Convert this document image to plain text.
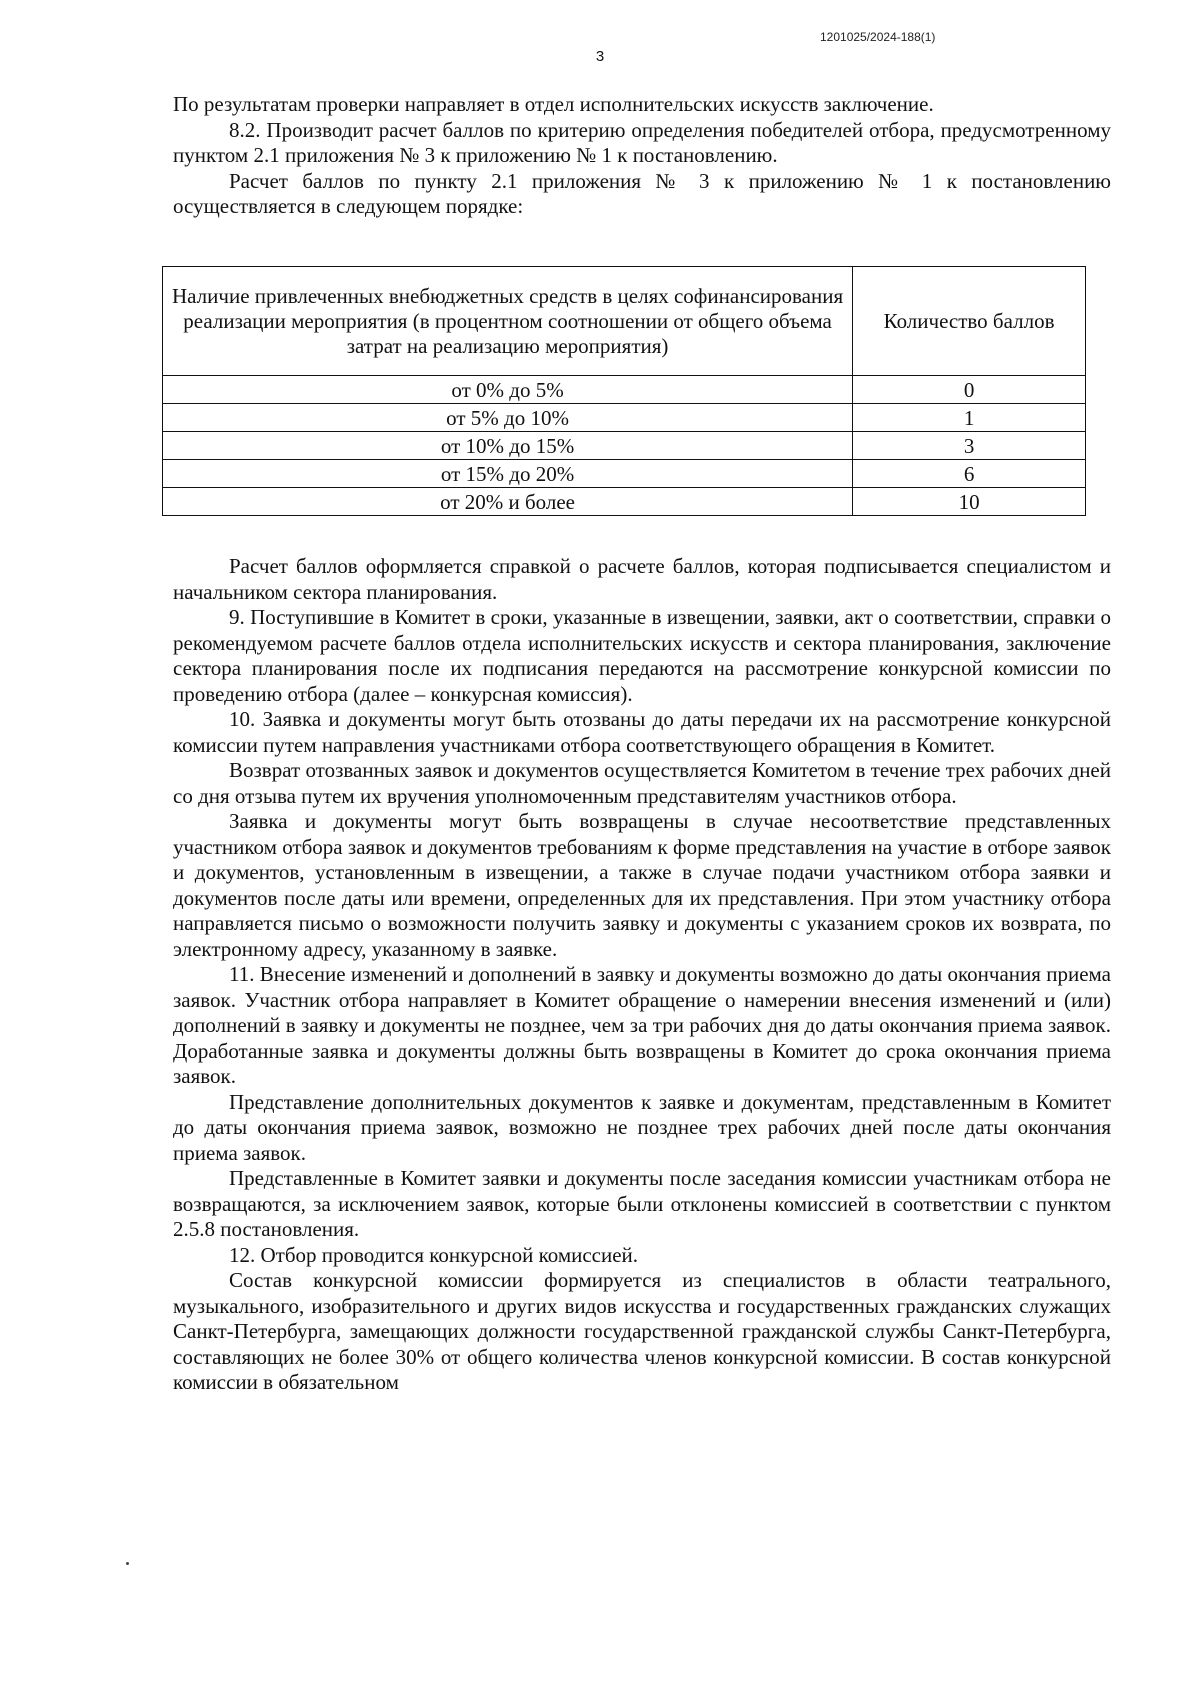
1201025/2024-188(1)
3

По результатам проверки направляет в отдел исполнительских искусств заключение.

8.2. Производит расчет баллов по критерию определения победителей отбора, предусмотренному пунктом 2.1 приложения № 3 к приложению № 1 к постановлению.

Расчет баллов по пункту 2.1 приложения № 3 к приложению № 1 к постановлению осуществляется в следующем порядке:

Наличие привлеченных внебюджетных средств в целях софинансирования реализации мероприятия (в процентном соотношении от общего объема затрат на реализацию мероприятия)	Количество баллов
от 0% до 5%	0
от 5% до 10%	1
от 10% до 15%	3
от 15% до 20%	6
от 20% и более	10

Расчет баллов оформляется справкой о расчете баллов, которая подписывается специалистом и начальником сектора планирования.

9. Поступившие в Комитет в сроки, указанные в извещении, заявки, акт о соответствии, справки о рекомендуемом расчете баллов отдела исполнительских искусств и сектора планирования, заключение сектора планирования после их подписания передаются на рассмотрение конкурсной комиссии по проведению отбора (далее – конкурсная комиссия).

10. Заявка и документы могут быть отозваны до даты передачи их на рассмотрение конкурсной комиссии путем направления участниками отбора соответствующего обращения в Комитет.

Возврат отозванных заявок и документов осуществляется Комитетом в течение трех рабочих дней со дня отзыва путем их вручения уполномоченным представителям участников отбора.

Заявка и документы могут быть возвращены в случае несоответствие представленных участником отбора заявок и документов требованиям к форме представления на участие в отборе заявок и документов, установленным в извещении, а также в случае подачи участником отбора заявки и документов после даты или времени, определенных для их представления. При этом участнику отбора направляется письмо о возможности получить заявку и документы с указанием сроков их возврата, по электронному адресу, указанному в заявке.

11. Внесение изменений и дополнений в заявку и документы возможно до даты окончания приема заявок. Участник отбора направляет в Комитет обращение о намерении внесения изменений и (или) дополнений в заявку и документы не позднее, чем за три рабочих дня до даты окончания приема заявок. Доработанные заявка и документы должны быть возвращены в Комитет до срока окончания приема заявок.

Представление дополнительных документов к заявке и документам, представленным в Комитет до даты окончания приема заявок, возможно не позднее трех рабочих дней после даты окончания приема заявок.

Представленные в Комитет заявки и документы после заседания комиссии участникам отбора не возвращаются, за исключением заявок, которые были отклонены комиссией в соответствии с пунктом 2.5.8 постановления.

12. Отбор проводится конкурсной комиссией.

Состав конкурсной комиссии формируется из специалистов в области театрального, музыкального, изобразительного и других видов искусства и государственных гражданских служащих Санкт-Петербурга, замещающих должности государственной гражданской службы Санкт-Петербурга, составляющих не более 30% от общего количества членов конкурсной комиссии. В состав конкурсной комиссии в обязательном
